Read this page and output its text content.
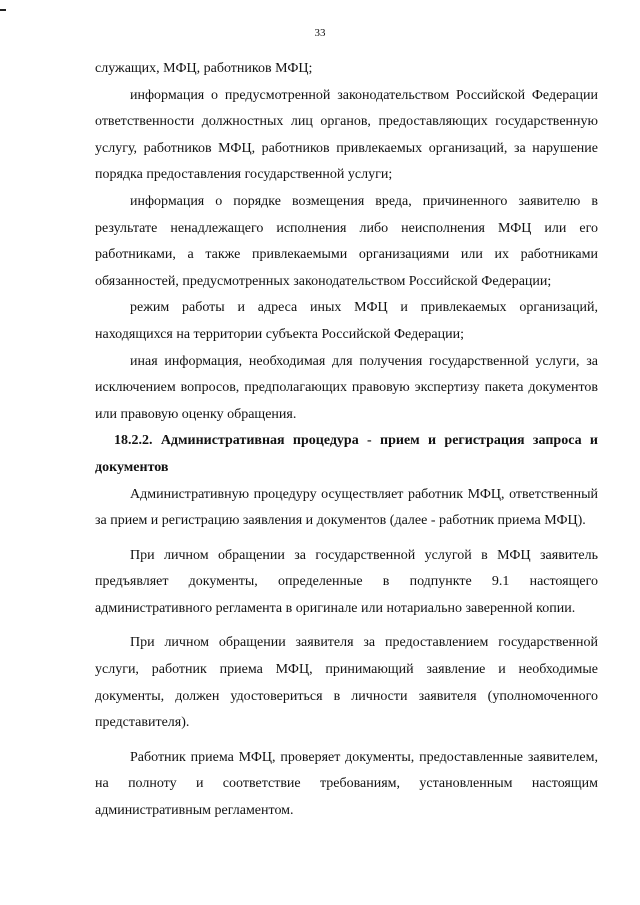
33

служащих, МФЦ, работников МФЦ;

информация о предусмотренной законодательством Российской Федерации ответственности должностных лиц органов, предоставляющих государственную услугу, работников МФЦ, работников привлекаемых организаций, за нарушение порядка предоставления государственной услуги;

информация о порядке возмещения вреда, причиненного заявителю в результате ненадлежащего исполнения либо неисполнения МФЦ или его работниками, а также привлекаемыми организациями или их работниками обязанностей, предусмотренных законодательством Российской Федерации;

режим работы и адреса иных МФЦ и привлекаемых организаций, находящихся на территории субъекта Российской Федерации;

иная информация, необходимая для получения государственной услуги, за исключением вопросов, предполагающих правовую экспертизу пакета документов или правовую оценку обращения.

18.2.2. Административная процедура - прием и регистрация запроса и документов

Административную процедуру осуществляет работник МФЦ, ответственный за прием и регистрацию заявления и документов (далее - работник приема МФЦ).

При личном обращении за государственной услугой в МФЦ заявитель предъявляет документы, определенные в подпункте 9.1 настоящего административного регламента в оригинале или нотариально заверенной копии.

При личном обращении заявителя за предоставлением государственной услуги, работник приема МФЦ, принимающий заявление и необходимые документы, должен удостовериться в личности заявителя (уполномоченного представителя).

Работник приема МФЦ, проверяет документы, предоставленные заявителем, на полноту и соответствие требованиям, установленным настоящим административным регламентом.
